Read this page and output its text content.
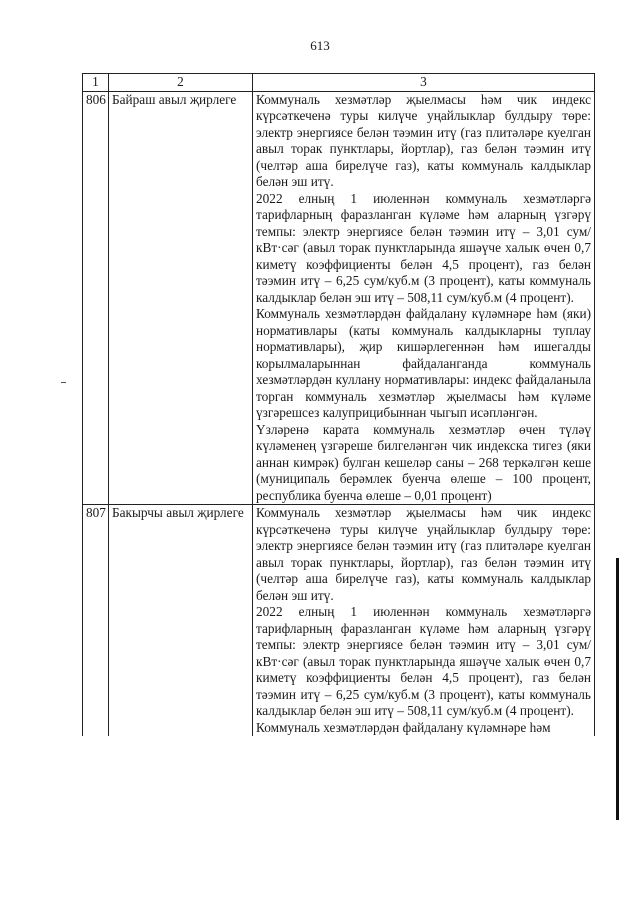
613
1	2	3
806	Байраш авыл җирлеге	Коммуналь хезмәтләр җыелмасы һәм чик индекс күрсәткеченә туры килүче уңайлыклар булдыру төре: электр энергиясе белән тәэмин итү (газ плитәләре куелган авыл торак пунктлары, йортлар), газ белән тәэмин итү (челтәр аша бирелүче газ), каты коммуналь калдыклар белән эш итү.

2022 елның 1 июленнән коммуналь хезмәтләргә тарифларның фаразланган күләме һәм аларның үзгәрү темпы: электр энергиясе белән тәэмин итү – 3,01 сум/кВт·сәг (авыл торак пунктларында яшәүче халык өчен 0,7 киметү коэффициенты белән 4,5 процент), газ белән тәэмин итү – 6,25 сум/куб.м (3 процент), каты коммуналь калдыклар белән эш итү – 508,11 сум/куб.м (4 процент).

Коммуналь хезмәтләрдән файдалану күләмнәре һәм (яки) нормативлары (каты коммуналь калдыкларны туплау нормативлары), җир кишәрлегеннән һәм ишегалды корылмаларыннан файдаланганда коммуналь хезмәтләрдән куллану нормативлары: индекс файдаланыла торган коммуналь хезмәтләр җыелмасы һәм күләме үзгәрешсез калуприцибыннан чыгып исәпләнгән.

Үзләренә карата коммуналь хезмәтләр өчен түләү күләменең үзгәреше билгеләнгән чик индекска тигез (яки аннан кимрәк) булган кешеләр саны – 268 теркәлгән кеше (муниципаль берәмлек буенча өлеше – 100 процент, республика буенча өлеше – 0,01 процент)

807	Бакырчы авыл җирлеге	Коммуналь хезмәтләр җыелмасы һәм чик индекс күрсәткеченә туры килүче уңайлыклар булдыру төре: электр энергиясе белән тәэмин итү (газ плитәләре куелган авыл торак пунктлары, йортлар), газ белән тәэмин итү (челтәр аша бирелүче газ), каты коммуналь калдыклар белән эш итү.

2022 елның 1 июленнән коммуналь хезмәтләргә тарифларның фаразланган күләме һәм аларның үзгәрү темпы: электр энергиясе белән тәэмин итү – 3,01 сум/кВт·сәг (авыл торак пунктларында яшәүче халык өчен 0,7 киметү коэффициенты белән 4,5 процент), газ белән тәэмин итү – 6,25 сум/куб.м (3 процент), каты коммуналь калдыклар белән эш итү – 508,11 сум/куб.м (4 процент).

Коммуналь хезмәтләрдән файдалану күләмнәре һәм
